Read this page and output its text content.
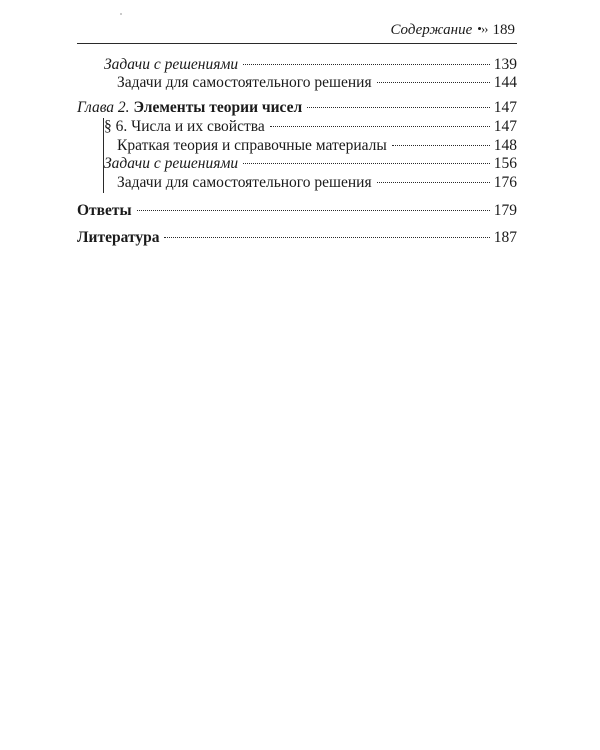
Содержание •›› 189
Задачи с решениями	139
Задачи для самостоятельного решения	144
Глава 2. Элементы теории чисел	147
§ 6. Числа и их свойства	147
Краткая теория и справочные материалы	148
Задачи с решениями	156
Задачи для самостоятельного решения	176
Ответы	179
Литература	187
